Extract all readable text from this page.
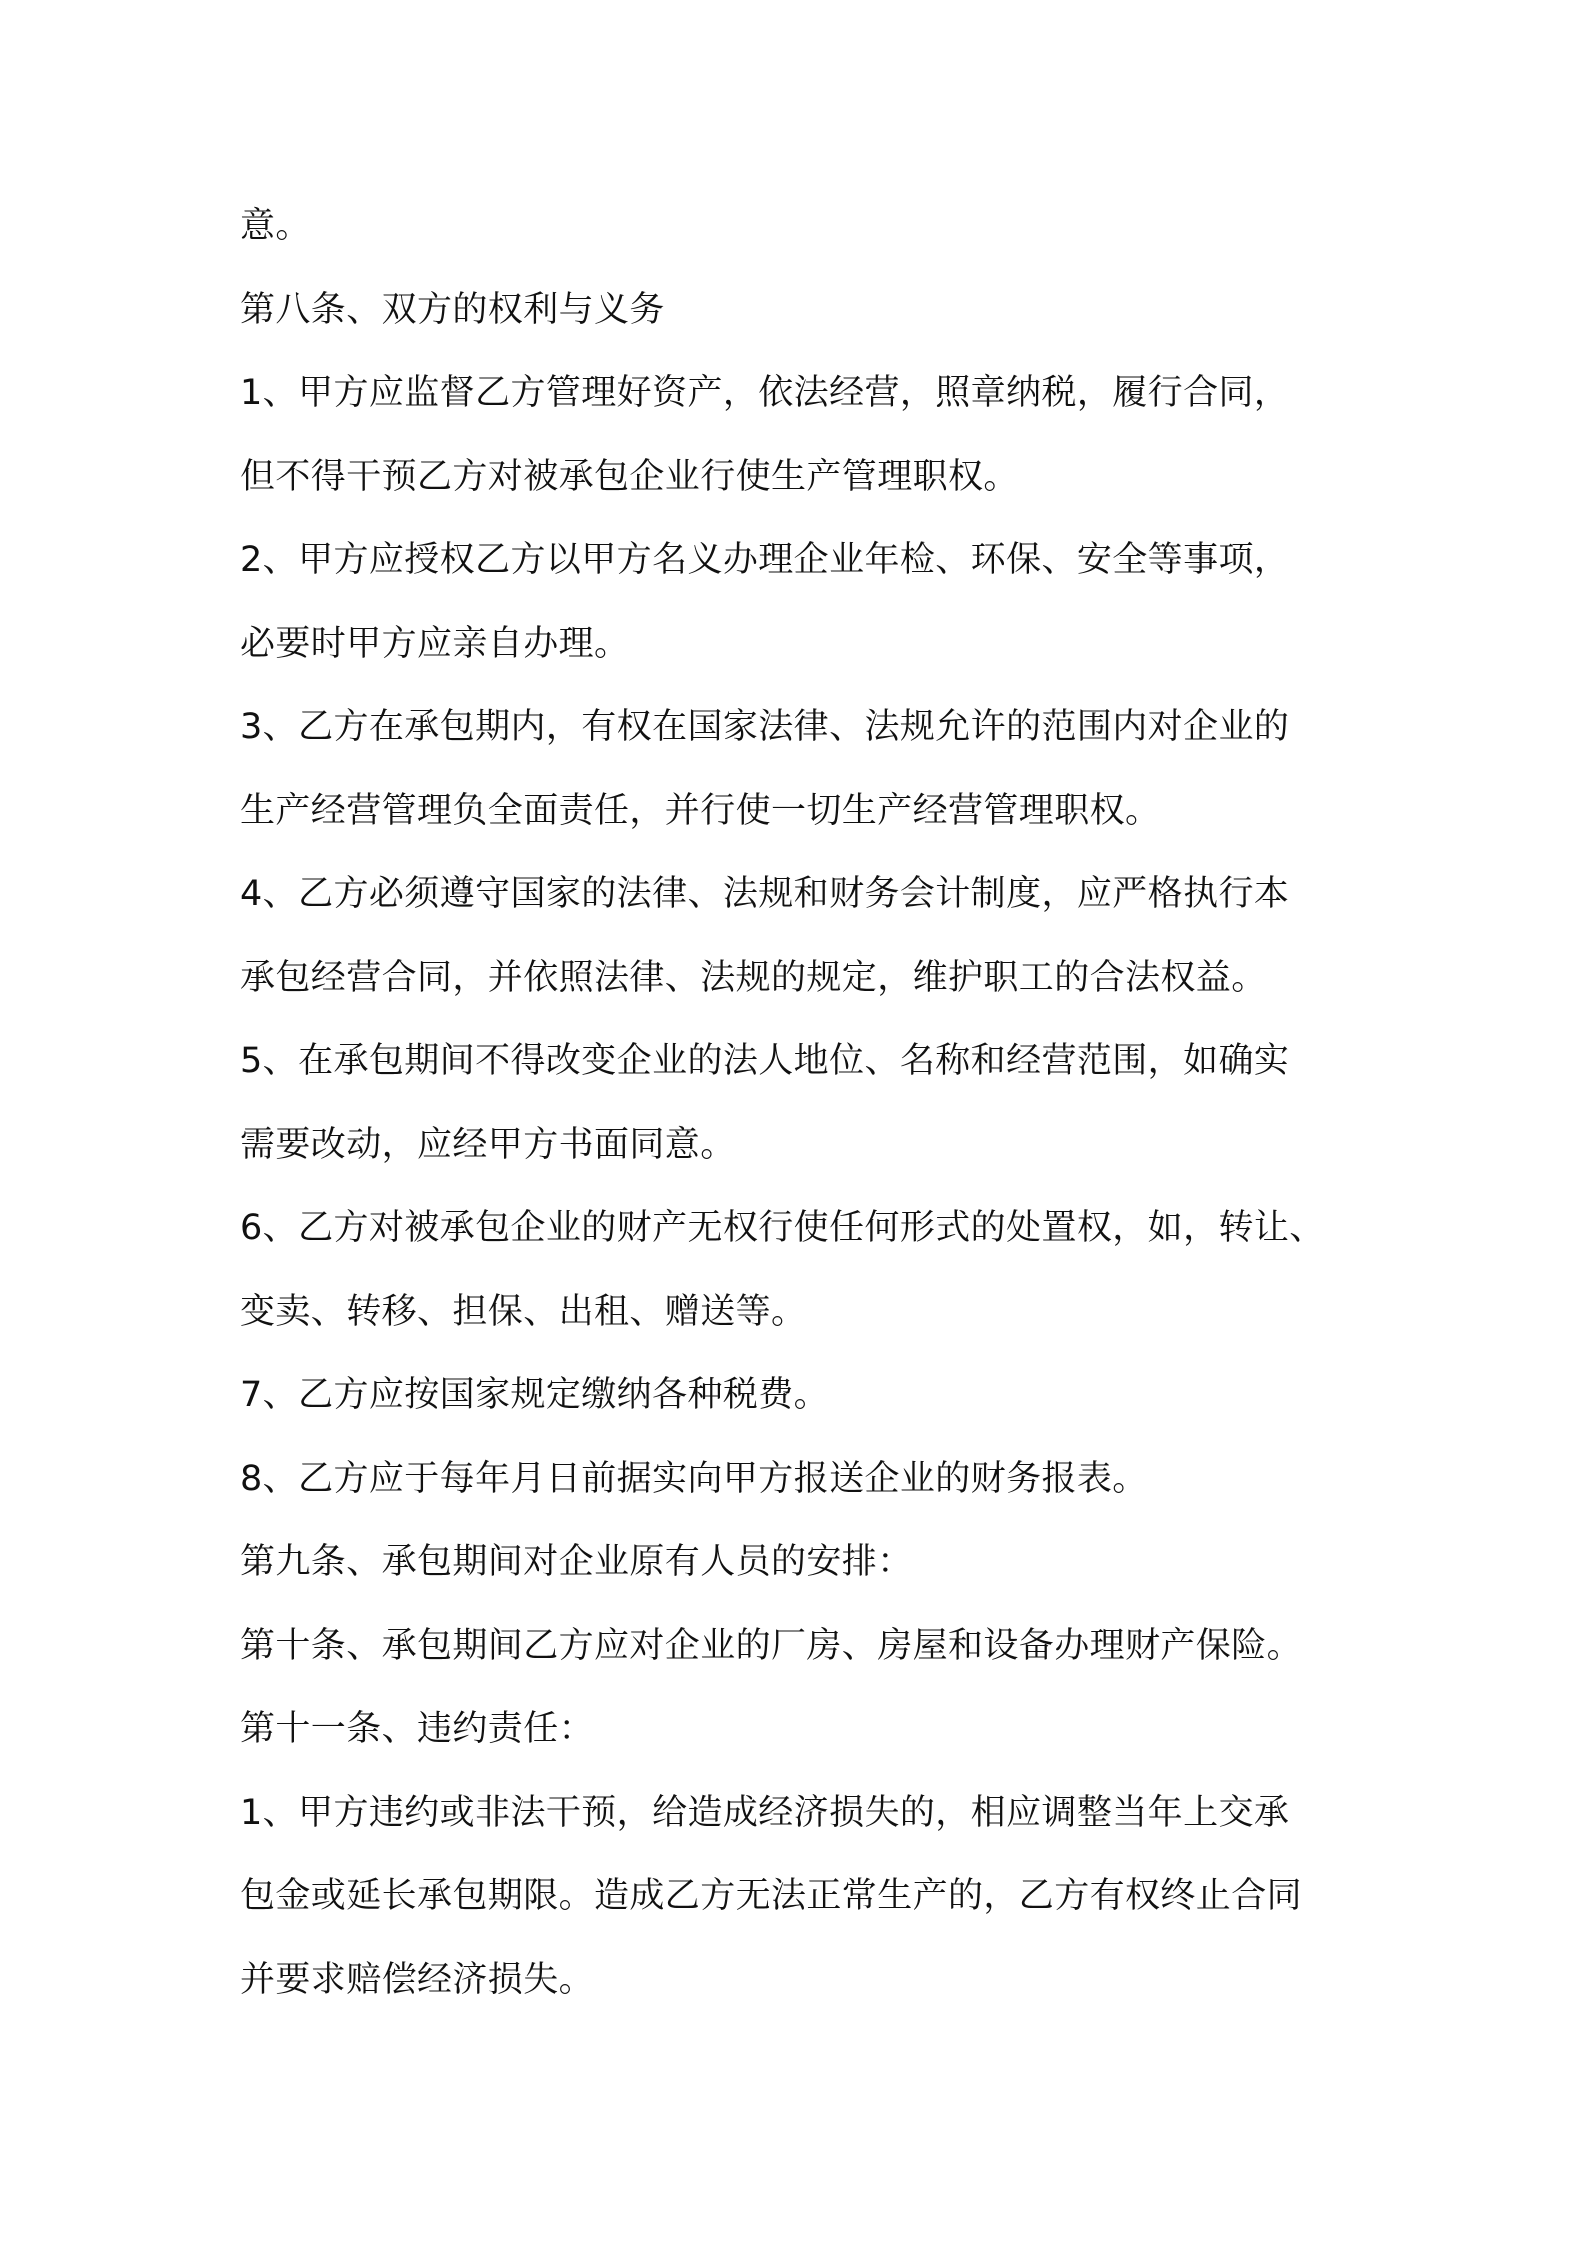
意。
第八条、双方的权利与义务
1、甲方应监督乙方管理好资产，依法经营，照章纳税，履行合同，
但不得干预乙方对被承包企业行使生产管理职权。
2、甲方应授权乙方以甲方名义办理企业年检、环保、安全等事项，
必要时甲方应亲自办理。
3、乙方在承包期内，有权在国家法律、法规允许的范围内对企业的
生产经营管理负全面责任，并行使一切生产经营管理职权。
4、乙方必须遵守国家的法律、法规和财务会计制度，应严格执行本
承包经营合同，并依照法律、法规的规定，维护职工的合法权益。
5、在承包期间不得改变企业的法人地位、名称和经营范围，如确实
需要改动，应经甲方书面同意。
6、乙方对被承包企业的财产无权行使任何形式的处置权，如，转让、
变卖、转移、担保、出租、赠送等。
7、乙方应按国家规定缴纳各种税费。
8、乙方应于每年月日前据实向甲方报送企业的财务报表。
第九条、承包期间对企业原有人员的安排：
第十条、承包期间乙方应对企业的厂房、房屋和设备办理财产保险。
第十一条、违约责任：
1、甲方违约或非法干预，给造成经济损失的，相应调整当年上交承
包金或延长承包期限。造成乙方无法正常生产的，乙方有权终止合同
并要求赔偿经济损失。
